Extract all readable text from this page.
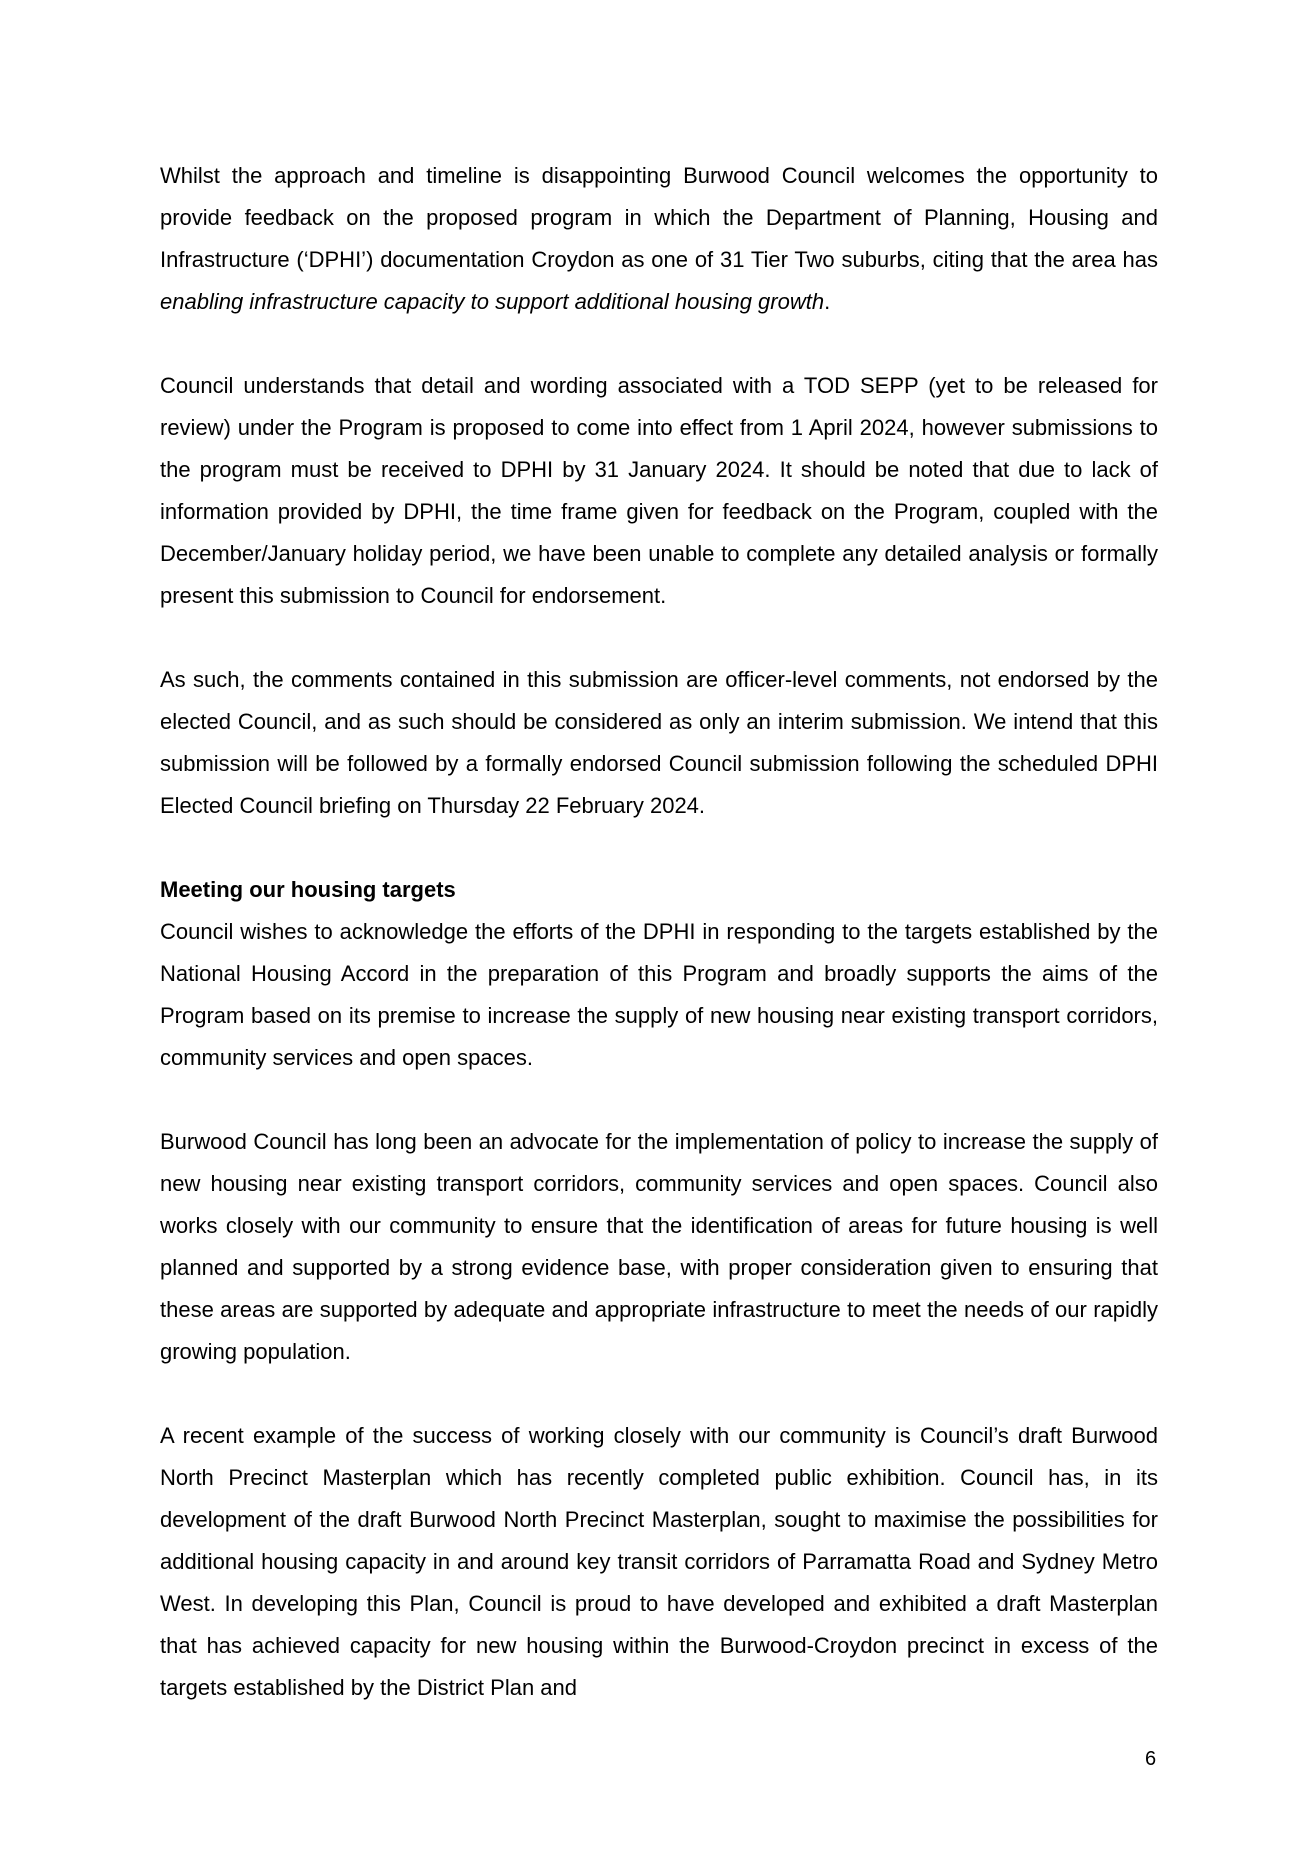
Whilst the approach and timeline is disappointing Burwood Council welcomes the opportunity to provide feedback on the proposed program in which the Department of Planning, Housing and Infrastructure (‘DPHI’) documentation Croydon as one of 31 Tier Two suburbs, citing that the area has enabling infrastructure capacity to support additional housing growth.

Council understands that detail and wording associated with a TOD SEPP (yet to be released for review) under the Program is proposed to come into effect from 1 April 2024, however submissions to the program must be received to DPHI by 31 January 2024. It should be noted that due to lack of information provided by DPHI, the time frame given for feedback on the Program, coupled with the December/January holiday period, we have been unable to complete any detailed analysis or formally present this submission to Council for endorsement.

As such, the comments contained in this submission are officer-level comments, not endorsed by the elected Council, and as such should be considered as only an interim submission. We intend that this submission will be followed by a formally endorsed Council submission following the scheduled DPHI Elected Council briefing on Thursday 22 February 2024.

Meeting our housing targets

Council wishes to acknowledge the efforts of the DPHI in responding to the targets established by the National Housing Accord in the preparation of this Program and broadly supports the aims of the Program based on its premise to increase the supply of new housing near existing transport corridors, community services and open spaces.

Burwood Council has long been an advocate for the implementation of policy to increase the supply of new housing near existing transport corridors, community services and open spaces. Council also works closely with our community to ensure that the identification of areas for future housing is well planned and supported by a strong evidence base, with proper consideration given to ensuring that these areas are supported by adequate and appropriate infrastructure to meet the needs of our rapidly growing population.

A recent example of the success of working closely with our community is Council’s draft Burwood North Precinct Masterplan which has recently completed public exhibition. Council has, in its development of the draft Burwood North Precinct Masterplan, sought to maximise the possibilities for additional housing capacity in and around key transit corridors of Parramatta Road and Sydney Metro West. In developing this Plan, Council is proud to have developed and exhibited a draft Masterplan that has achieved capacity for new housing within the Burwood-Croydon precinct in excess of the targets established by the District Plan and

6
